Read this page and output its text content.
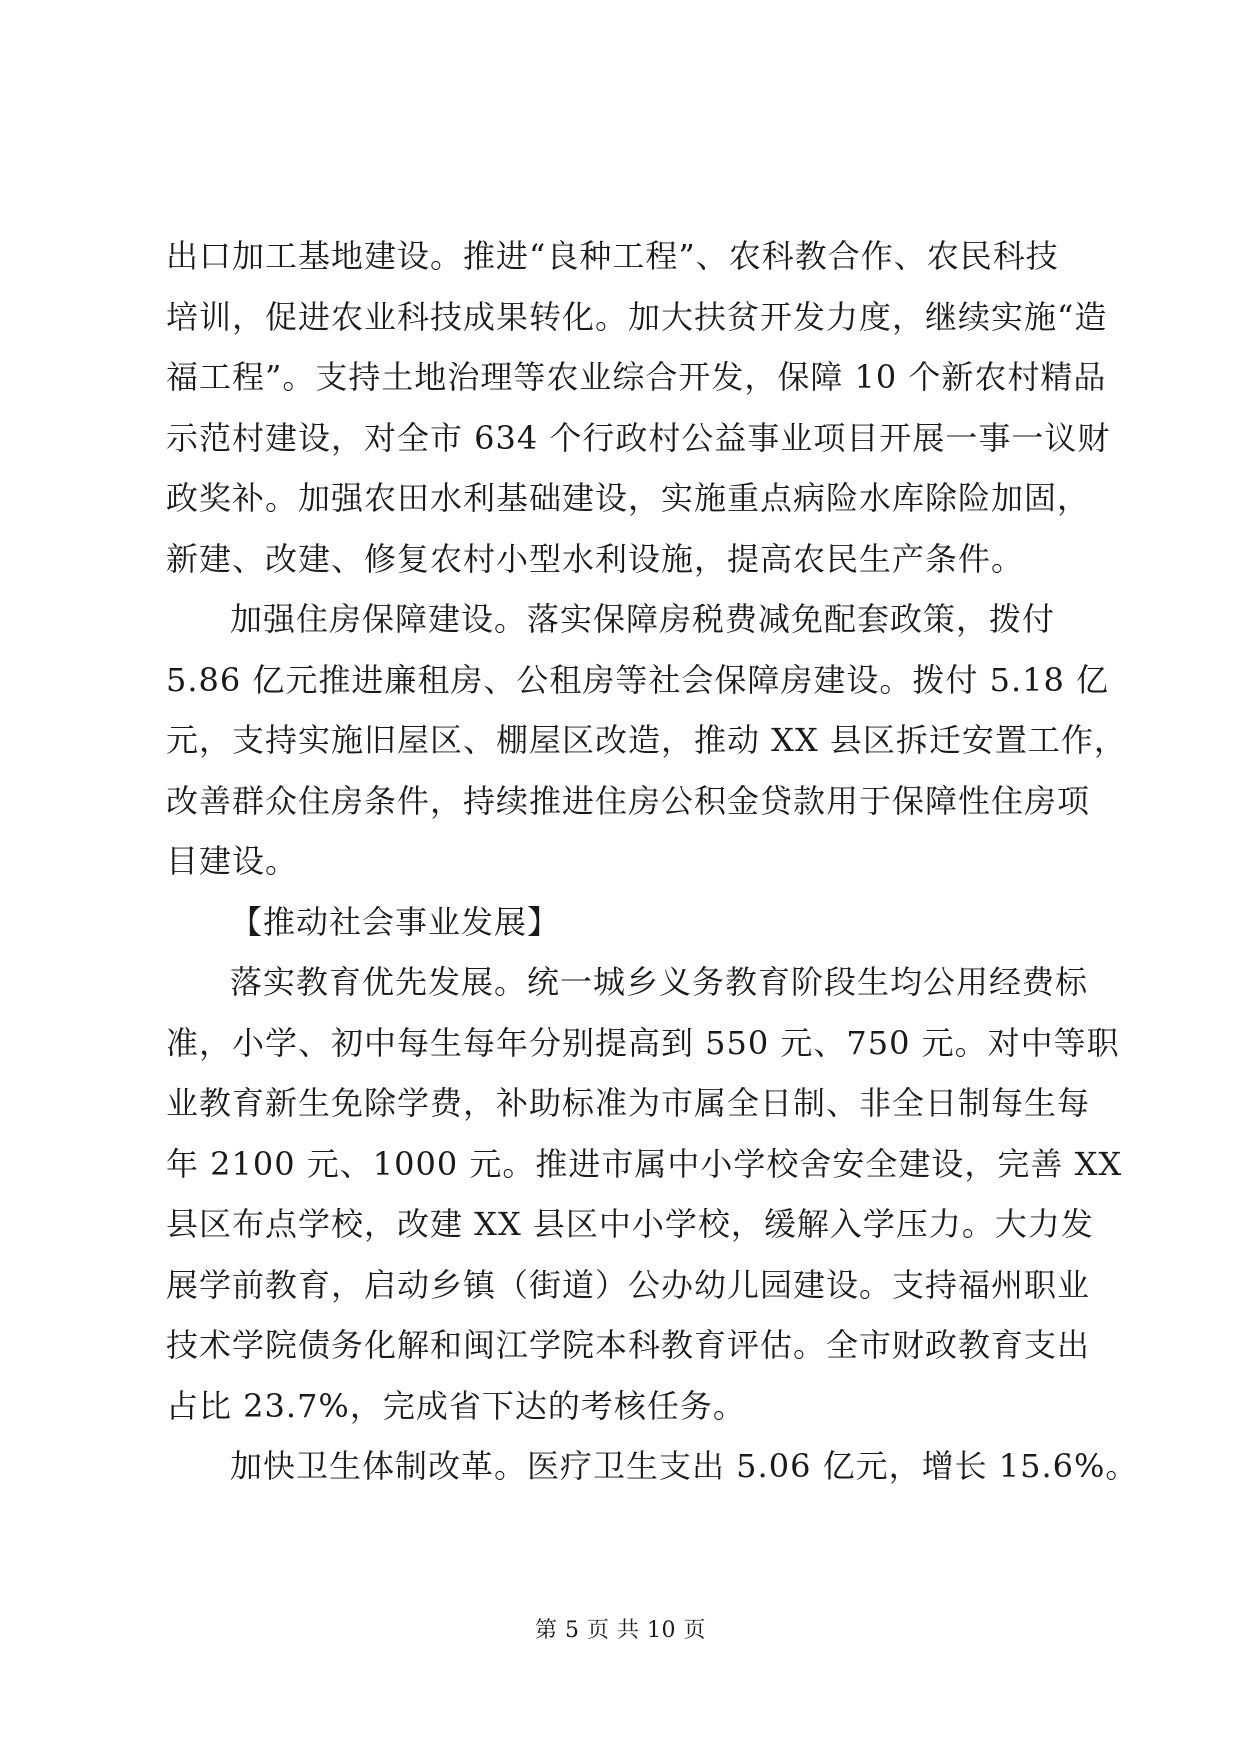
出口加工基地建设。推进“良种工程”、农科教合作、农民科技
培训，促进农业科技成果转化。加大扶贫开发力度，继续实施“造
福工程”。支持土地治理等农业综合开发，保障 10 个新农村精品
示范村建设，对全市 634 个行政村公益事业项目开展一事一议财
政奖补。加强农田水利基础建设，实施重点病险水库除险加固，
新建、改建、修复农村小型水利设施，提高农民生产条件。
加强住房保障建设。落实保障房税费减免配套政策，拨付
5.86 亿元推进廉租房、公租房等社会保障房建设。拨付 5.18 亿
元，支持实施旧屋区、棚屋区改造，推动 XX 县区拆迁安置工作，
改善群众住房条件，持续推进住房公积金贷款用于保障性住房项
目建设。
【推动社会事业发展】
落实教育优先发展。统一城乡义务教育阶段生均公用经费标
准，小学、初中每生每年分别提高到 550 元、750 元。对中等职
业教育新生免除学费，补助标准为市属全日制、非全日制每生每
年 2100 元、1000 元。推进市属中小学校舍安全建设，完善 XX
县区布点学校，改建 XX 县区中小学校，缓解入学压力。大力发
展学前教育，启动乡镇（街道）公办幼儿园建设。支持福州职业
技术学院债务化解和闽江学院本科教育评估。全市财政教育支出
占比 23.7%，完成省下达的考核任务。
加快卫生体制改革。医疗卫生支出 5.06 亿元，增长 15.6%。
第 5 页 共 10 页
